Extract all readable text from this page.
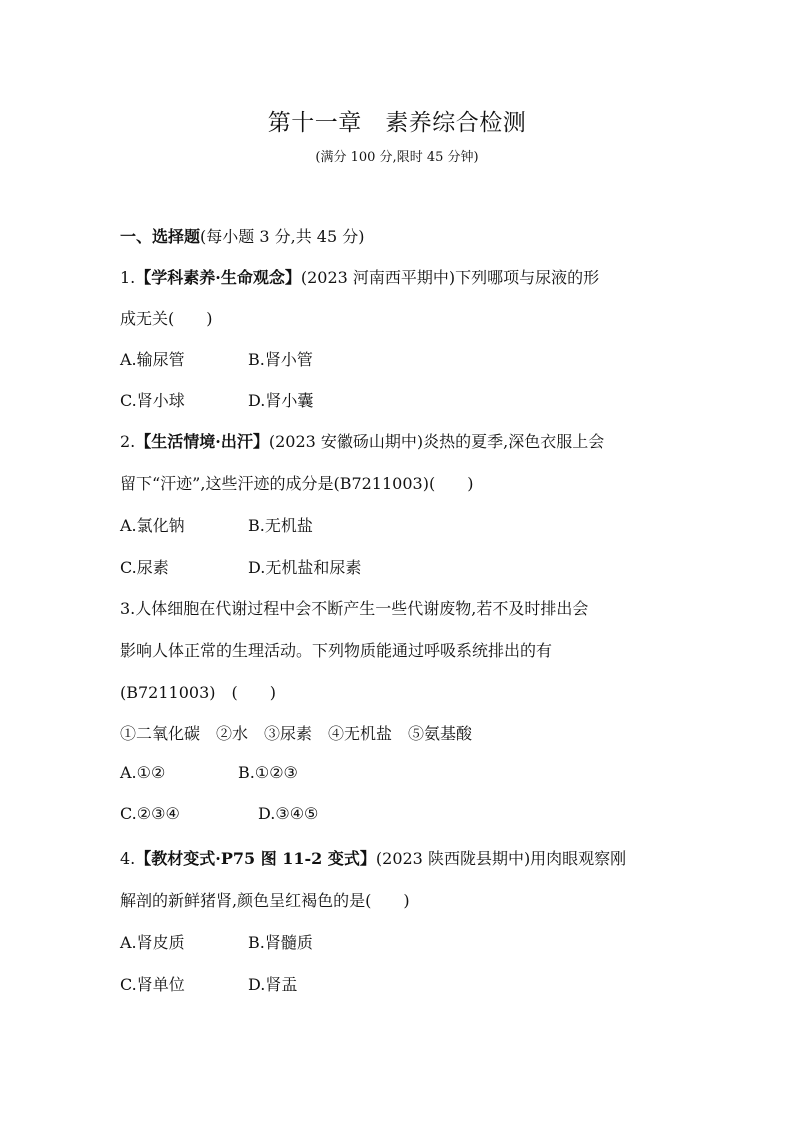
第十一章　素养综合检测
(满分 100 分,限时 45 分钟)
一、选择题(每小题 3 分,共 45 分)
1.【学科素养·生命观念】(2023 河南西平期中)下列哪项与尿液的形
成无关(　　)
A.输尿管	B.肾小管
C.肾小球	D.肾小囊
2.【生活情境·出汗】(2023 安徽砀山期中)炎热的夏季,深色衣服上会
留下“汗迹”,这些汗迹的成分是(B7211003)(　　)
A.氯化钠	B.无机盐
C.尿素	D.无机盐和尿素
3.人体细胞在代谢过程中会不断产生一些代谢废物,若不及时排出会
影响人体正常的生理活动。下列物质能通过呼吸系统排出的有
(B7211003)　(　　)
①二氧化碳　②水　③尿素　④无机盐　⑤氨基酸
A.①②	B.①②③
C.②③④	D.③④⑤
4.【教材变式·P75 图 11-2 变式】(2023 陕西陇县期中)用肉眼观察刚
解剖的新鲜猪肾,颜色呈红褐色的是(　　)
A.肾皮质	B.肾髓质
C.肾单位	D.肾盂
